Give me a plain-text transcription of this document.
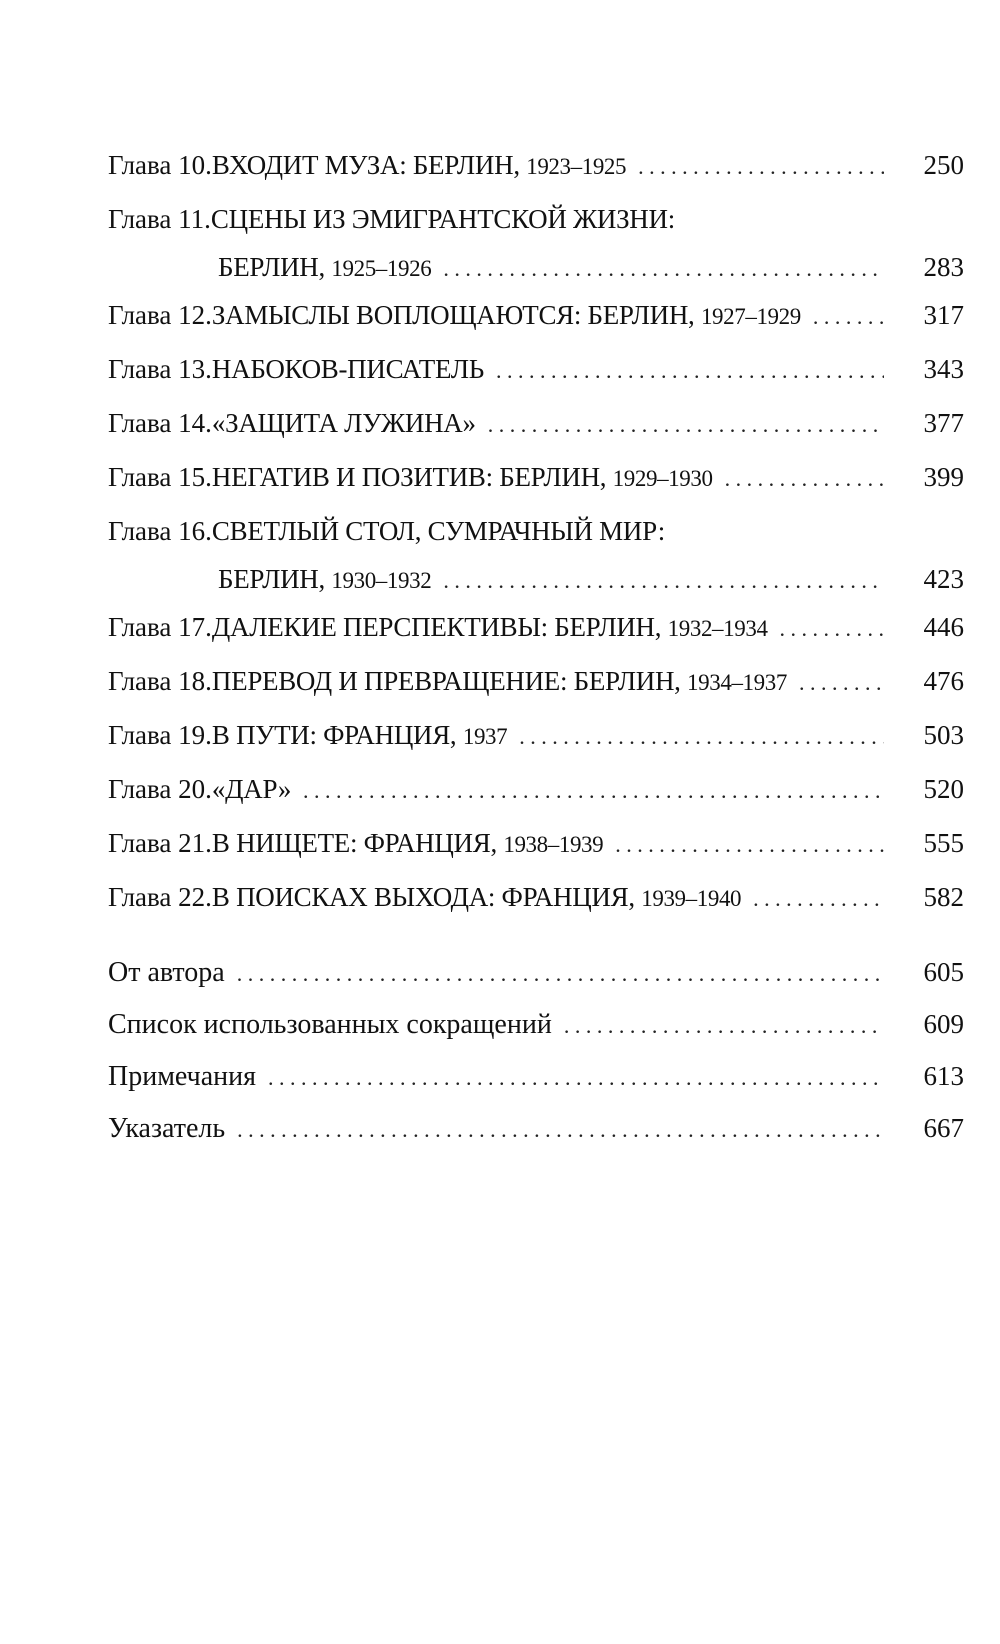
Глава 10. ВХОДИТ МУЗА: БЕРЛИН, 1923–1925 . . .	250
Глава 11. СЦЕНЫ ИЗ ЭМИГРАНТСКОЙ ЖИЗНИ:
БЕРЛИН, 1925–1926 . . .	283
Глава 12. ЗАМЫСЛЫ ВОПЛОЩАЮТСЯ: БЕРЛИН, 1927–1929 . . .	317
Глава 13. НАБОКОВ-ПИСАТЕЛЬ . . .	343
Глава 14. «ЗАЩИТА ЛУЖИНА» . . .	377
Глава 15. НЕГАТИВ И ПОЗИТИВ: БЕРЛИН, 1929–1930 . . .	399
Глава 16. СВЕТЛЫЙ СТОЛ, СУМРАЧНЫЙ МИР:
БЕРЛИН, 1930–1932 . . .	423
Глава 17. ДАЛЕКИЕ ПЕРСПЕКТИВЫ: БЕРЛИН, 1932–1934 . . .	446
Глава 18. ПЕРЕВОД И ПРЕВРАЩЕНИЕ: БЕРЛИН, 1934–1937 . . .	476
Глава 19. В ПУТИ: ФРАНЦИЯ, 1937 . . .	503
Глава 20. «ДАР» . . .	520
Глава 21. В НИЩЕТЕ: ФРАНЦИЯ, 1938–1939 . . .	555
Глава 22. В ПОИСКАХ ВЫХОДА: ФРАНЦИЯ, 1939–1940 . . .	582
От автора . . .	605
Список использованных сокращений . . .	609
Примечания . . .	613
Указатель . . .	667
